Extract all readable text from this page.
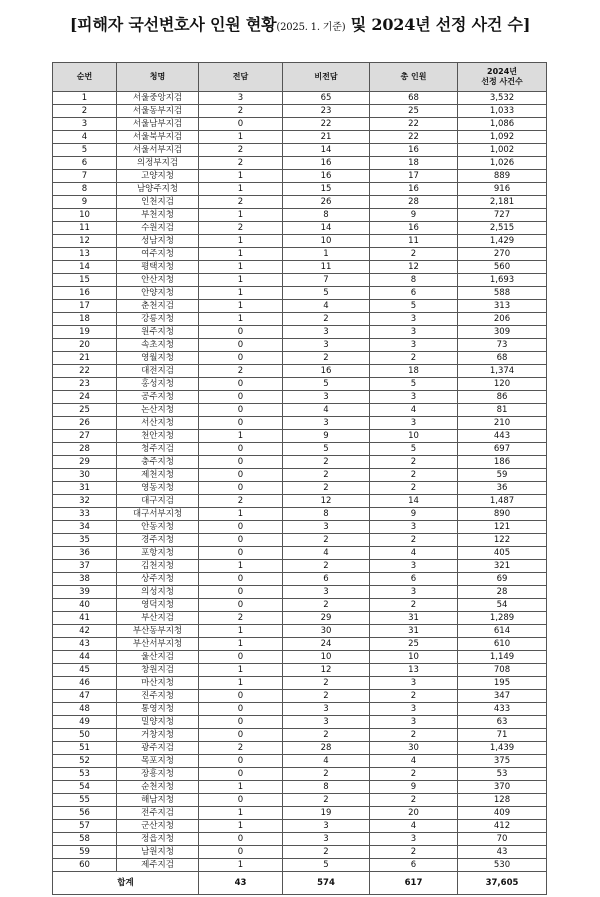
[피해자 국선변호사 인원 현황(2025. 1. 기준) 및 2024년 선정 사건 수]
순번	청명	전담	비전담	총 인원	2024년
선정 사건수
1	서울중앙지검	3	65	68	3,532
2	서울동부지검	2	23	25	1,033
3	서울남부지검	0	22	22	1,086
4	서울북부지검	1	21	22	1,092
5	서울서부지검	2	14	16	1,002
6	의정부지검	2	16	18	1,026
7	고양지청	1	16	17	889
8	남양주지청	1	15	16	916
9	인천지검	2	26	28	2,181
10	부천지청	1	8	9	727
11	수원지검	2	14	16	2,515
12	성남지청	1	10	11	1,429
13	여주지청	1	1	2	270
14	평택지청	1	11	12	560
15	안산지청	1	7	8	1,693
16	안양지청	1	5	6	588
17	춘천지검	1	4	5	313
18	강릉지청	1	2	3	206
19	원주지청	0	3	3	309
20	속초지청	0	3	3	73
21	영월지청	0	2	2	68
22	대전지검	2	16	18	1,374
23	홍성지청	0	5	5	120
24	공주지청	0	3	3	86
25	논산지청	0	4	4	81
26	서산지청	0	3	3	210
27	천안지청	1	9	10	443
28	청주지검	0	5	5	697
29	충주지청	0	2	2	186
30	제천지청	0	2	2	59
31	영동지청	0	2	2	36
32	대구지검	2	12	14	1,487
33	대구서부지청	1	8	9	890
34	안동지청	0	3	3	121
35	경주지청	0	2	2	122
36	포항지청	0	4	4	405
37	김천지청	1	2	3	321
38	상주지청	0	6	6	69
39	의성지청	0	3	3	28
40	영덕지청	0	2	2	54
41	부산지검	2	29	31	1,289
42	부산동부지청	1	30	31	614
43	부산서부지청	1	24	25	610
44	울산지검	0	10	10	1,149
45	창원지검	1	12	13	708
46	마산지청	1	2	3	195
47	진주지청	0	2	2	347
48	통영지청	0	3	3	433
49	밀양지청	0	3	3	63
50	거창지청	0	2	2	71
51	광주지검	2	28	30	1,439
52	목포지청	0	4	4	375
53	장흥지청	0	2	2	53
54	순천지청	1	8	9	370
55	해남지청	0	2	2	128
56	전주지검	1	19	20	409
57	군산지청	1	3	4	412
58	정읍지청	0	3	3	70
59	남원지청	0	2	2	43
60	제주지검	1	5	6	530
합계		43	574	617	37,605
